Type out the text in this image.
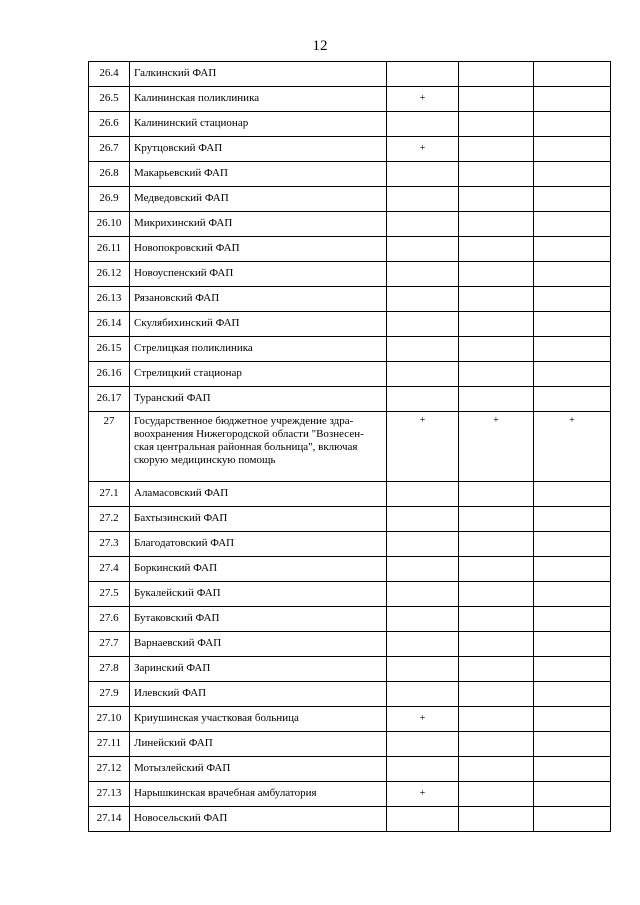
12
26.4	Галкинский ФАП			
26.5	Калининская поликлиника	+		
26.6	Калининский стационар			
26.7	Крутцовский ФАП	+		
26.8	Макарьевский ФАП			
26.9	Медведовский ФАП			
26.10	Микрихинский ФАП			
26.11	Новопокровский ФАП			
26.12	Новоуспенский ФАП			
26.13	Рязановский ФАП			
26.14	Скулябихинский ФАП			
26.15	Стрелицкая поликлиника			
26.16	Стрелицкий стационар			
26.17	Туранский ФАП			
27	Государственное бюджетное учреждение здра-
воохранения Нижегородской области "Вознесен-
ская центральная районная больница", включая
скорую медицинскую помощь	+	+	+
27.1	Аламасовский ФАП			
27.2	Бахтызинский ФАП			
27.3	Благодатовский ФАП			
27.4	Боркинский ФАП			
27.5	Букалейский ФАП			
27.6	Бутаковский ФАП			
27.7	Варнаевский ФАП			
27.8	Заринский ФАП			
27.9	Илевский ФАП			
27.10	Криушинская участковая больница	+		
27.11	Линейский ФАП			
27.12	Мотызлейский ФАП			
27.13	Нарышкинская врачебная амбулатория	+		
27.14	Новосельский ФАП			
